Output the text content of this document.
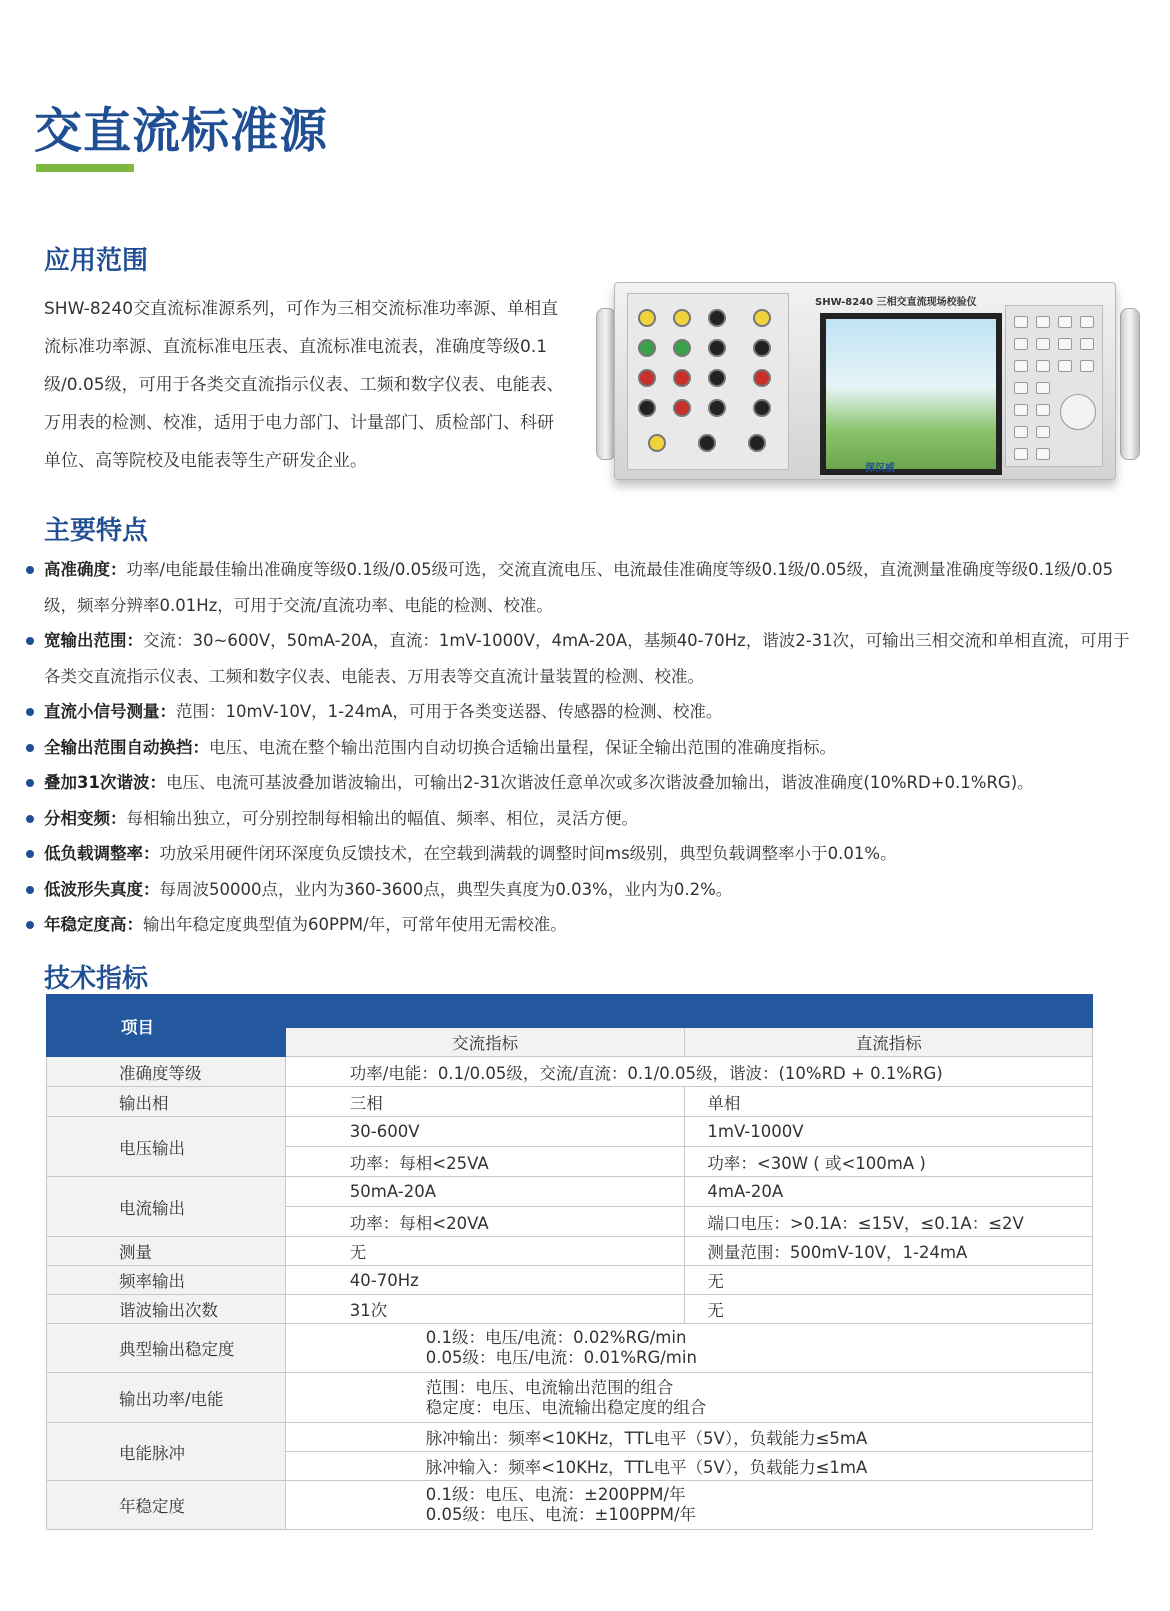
交直流标准源
应用范围

SHW-8240交直流标准源系列，可作为三相交流标准功率源、单相直流标准功率源、直流标准电压表、直流标准电流表，准确度等级0.1级/0.05级，可用于各类交直流指示仪表、工频和数字仪表、电能表、万用表的检测、校准，适用于电力部门、计量部门、质检部门、科研单位、高等院校及电能表等生产研发企业。

SHW-8240 三相交直流现场校验仪
深汉威
主要特点
高准确度：功率/电能最佳输出准确度等级0.1级/0.05级可选，交流直流电压、电流最佳准确度等级0.1级/0.05级，直流测量准确度等级0.1级/0.05级，频率分辨率0.01Hz，可用于交流/直流功率、电能的检测、校准。
宽输出范围：交流：30~600V，50mA-20A，直流：1mV-1000V，4mA-20A，基频40-70Hz，谐波2-31次，可输出三相交流和单相直流，可用于各类交直流指示仪表、工频和数字仪表、电能表、万用表等交直流计量装置的检测、校准。
直流小信号测量：范围：10mV-10V，1-24mA，可用于各类变送器、传感器的检测、校准。
全输出范围自动换挡：电压、电流在整个输出范围内自动切换合适输出量程，保证全输出范围的准确度指标。
叠加31次谐波：电压、电流可基波叠加谐波输出，可输出2-31次谐波任意单次或多次谐波叠加输出，谐波准确度(10%RD+0.1%RG)。
分相变频：每相输出独立，可分别控制每相输出的幅值、频率、相位，灵活方便。
低负载调整率：功放采用硬件闭环深度负反馈技术，在空载到满载的调整时间ms级别，典型负载调整率小于0.01%。
低波形失真度：每周波50000点，业内为360-3600点，典型失真度为0.03%，业内为0.2%。
年稳定度高：输出年稳定度典型值为60PPM/年，可常年使用无需校准。
技术指标
项目		
	交流指标	直流指标
准确度等级	功率/电能：0.1/0.05级，交流/直流：0.1/0.05级，谐波：(10%RD + 0.1%RG)	
输出相	三相	单相
电压输出	30-600V	1mV-1000V
	功率：每相<25VA	功率：<30W ( 或<100mA )
电流输出	50mA-20A	4mA-20A
	功率：每相<20VA	端口电压：>0.1A：≤15V，≤0.1A：≤2V
测量	无	测量范围：500mV-10V，1-24mA
频率输出	40-70Hz	无
谐波输出次数	31次	无
典型输出稳定度	0.1级：电压/电流：0.02%RG/min
0.05级：电压/电流：0.01%RG/min	

输出功率/电能	范围：电压、电流输出范围的组合
稳定度：电压、电流输出稳定度的组合	

电能脉冲	脉冲输出：频率<10KHz，TTL电平（5V），负载能力≤5mA	
	脉冲输入：频率<10KHz，TTL电平（5V），负载能力≤1mA	
年稳定度	0.1级：电压、电流：±200PPM/年
0.05级：电压、电流：±100PPM/年	
